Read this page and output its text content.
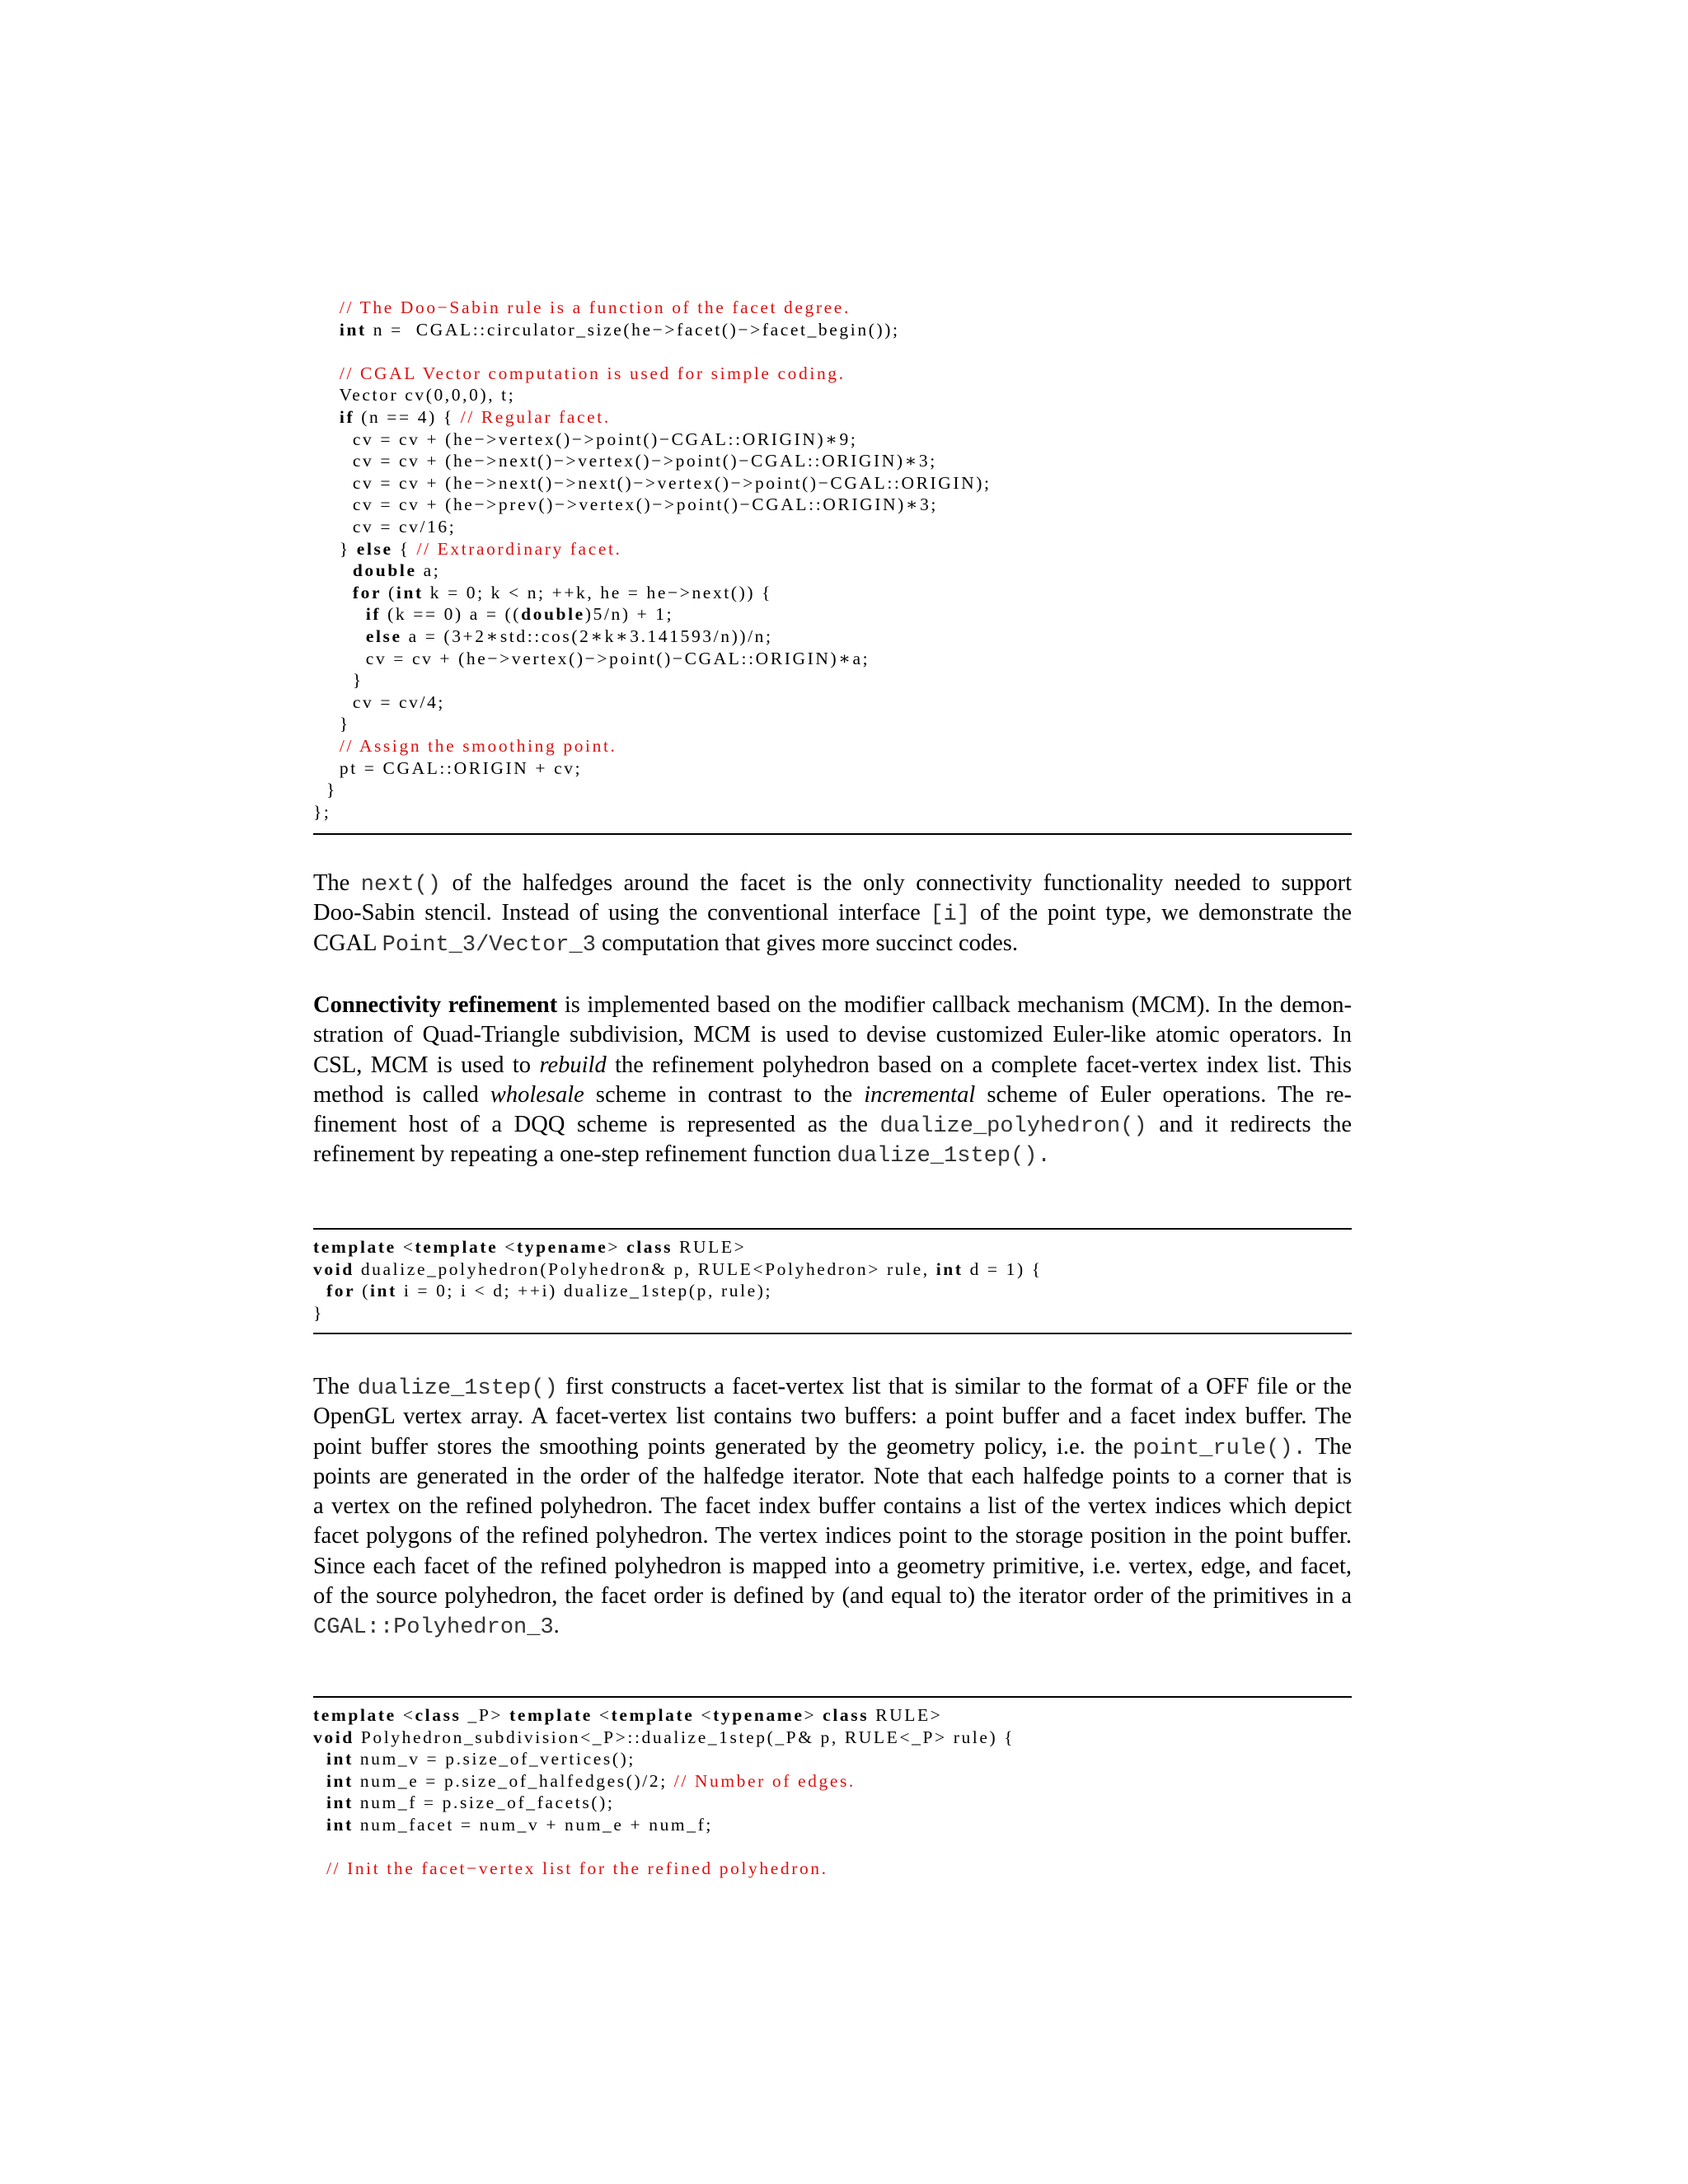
// The Doo−Sabin rule is a function of the facet degree.
int n =  CGAL::circulator_size(he−>facet()−>facet_begin());
// CGAL Vector computation is used for simple coding.
Vector cv(0,0,0), t;
if (n == 4) { // Regular facet.
cv = cv + (he−>vertex()−>point()−CGAL::ORIGIN)∗9;
cv = cv + (he−>next()−>vertex()−>point()−CGAL::ORIGIN)∗3;
cv = cv + (he−>next()−>next()−>vertex()−>point()−CGAL::ORIGIN);
cv = cv + (he−>prev()−>vertex()−>point()−CGAL::ORIGIN)∗3;
cv = cv/16;
} else { // Extraordinary facet.
double a;
for (int k = 0; k < n; ++k, he = he−>next()) {
if (k == 0) a = ((double)5/n) + 1;
else a = (3+2∗std::cos(2∗k∗3.141593/n))/n;
cv = cv + (he−>vertex()−>point()−CGAL::ORIGIN)∗a;
}
cv = cv/4;
}
// Assign the smoothing point.
pt = CGAL::ORIGIN + cv;
}
};
The next() of the halfedges around the facet is the only connectivity functionality needed to support
Doo-Sabin stencil. Instead of using the conventional interface [i] of the point type, we demonstrate the
CGAL Point_3/Vector_3 computation that gives more succinct codes.
Connectivity refinement is implemented based on the modifier callback mechanism (MCM). In the demon-
stration of Quad-Triangle subdivision, MCM is used to devise customized Euler-like atomic operators. In
CSL, MCM is used to rebuild the refinement polyhedron based on a complete facet-vertex index list. This
method is called wholesale scheme in contrast to the incremental scheme of Euler operations. The re-
finement host of a DQQ scheme is represented as the dualize_polyhedron() and it redirects the
refinement by repeating a one-step refinement function dualize_1step().
template <template <typename> class RULE>
void dualize_polyhedron(Polyhedron& p, RULE<Polyhedron> rule, int d = 1) {
for (int i = 0; i < d; ++i) dualize_1step(p, rule);
}
The dualize_1step() first constructs a facet-vertex list that is similar to the format of a OFF file or the
OpenGL vertex array. A facet-vertex list contains two buffers: a point buffer and a facet index buffer. The
point buffer stores the smoothing points generated by the geometry policy, i.e. the point_rule(). The
points are generated in the order of the halfedge iterator. Note that each halfedge points to a corner that is
a vertex on the refined polyhedron. The facet index buffer contains a list of the vertex indices which depict
facet polygons of the refined polyhedron. The vertex indices point to the storage position in the point buffer.
Since each facet of the refined polyhedron is mapped into a geometry primitive, i.e. vertex, edge, and facet,
of the source polyhedron, the facet order is defined by (and equal to) the iterator order of the primitives in a
CGAL::Polyhedron_3.
template <class _P> template <template <typename> class RULE>
void Polyhedron_subdivision<_P>::dualize_1step(_P& p, RULE<_P> rule) {
int num_v = p.size_of_vertices();
int num_e = p.size_of_halfedges()/2; // Number of edges.
int num_f = p.size_of_facets();
int num_facet = num_v + num_e + num_f;
// Init the facet−vertex list for the refined polyhedron.
